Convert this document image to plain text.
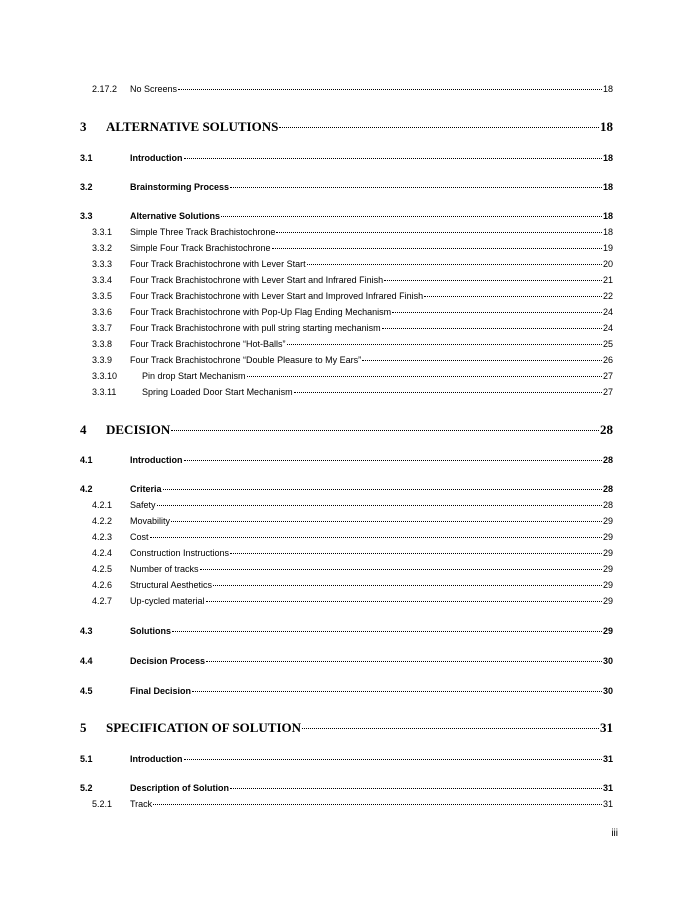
2.17.2	No Screens	18
3	ALTERNATIVE SOLUTIONS	18
3.1	Introduction	18
3.2	Brainstorming Process	18
3.3	Alternative Solutions	18
3.3.1	Simple Three Track Brachistochrone	18
3.3.2	Simple Four Track Brachistochrone	19
3.3.3	Four Track Brachistochrone with Lever Start	20
3.3.4	Four Track Brachistochrone with Lever Start and Infrared Finish	21
3.3.5	Four Track Brachistochrone with Lever Start and Improved Infrared Finish	22
3.3.6	Four Track Brachistochrone with Pop-Up Flag Ending Mechanism	24
3.3.7	Four Track Brachistochrone with pull string starting mechanism	24
3.3.8	Four Track Brachistochrone “Hot-Balls”	25
3.3.9	Four Track Brachistochrone “Double Pleasure to My Ears”	26
3.3.10	Pin drop Start Mechanism	27
3.3.11	Spring Loaded Door Start Mechanism	27
4	DECISION	28
4.1	Introduction	28
4.2	Criteria	28
4.2.1	Safety	28
4.2.2	Movability	29
4.2.3	Cost	29
4.2.4	Construction Instructions	29
4.2.5	Number of tracks	29
4.2.6	Structural Aesthetics	29
4.2.7	Up-cycled material	29
4.3	Solutions	29
4.4	Decision Process	30
4.5	Final Decision	30
5	SPECIFICATION OF SOLUTION	31
5.1	Introduction	31
5.2	Description of Solution	31
5.2.1	Track	31
iii
